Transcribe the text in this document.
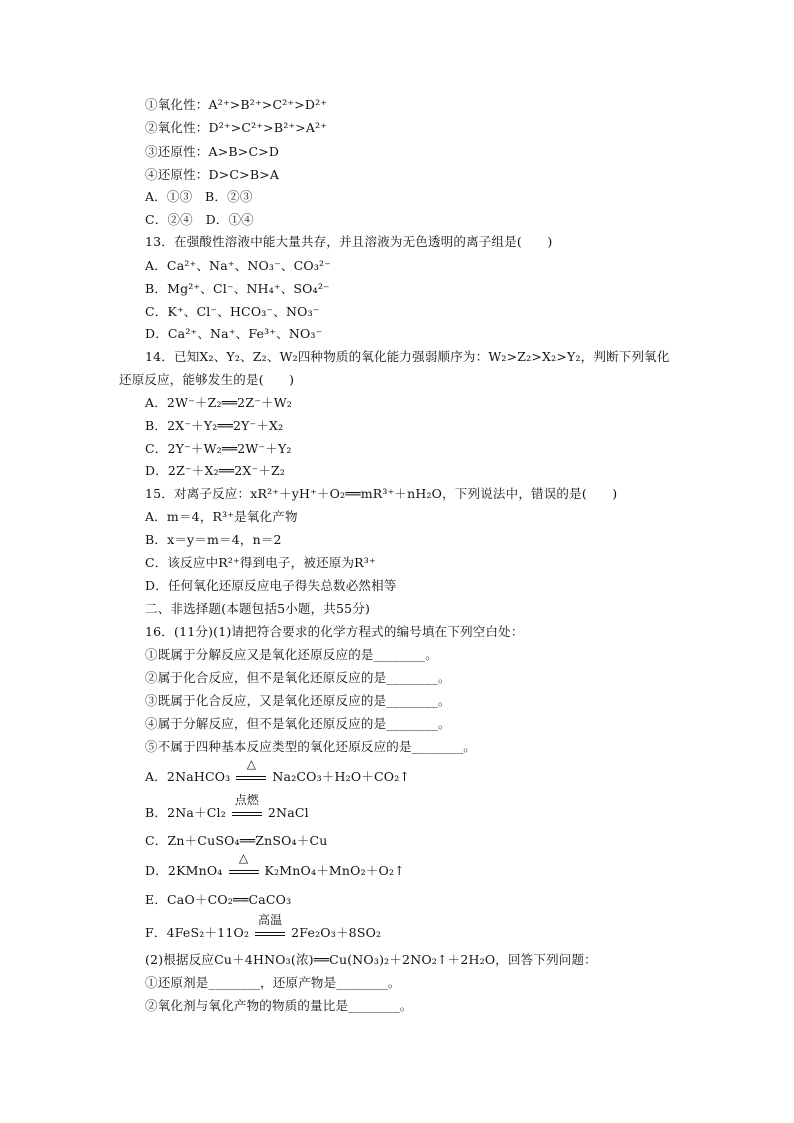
①氧化性：A²⁺>B²⁺>C²⁺>D²⁺
②氧化性：D²⁺>C²⁺>B²⁺>A²⁺
③还原性：A>B>C>D
④还原性：D>C>B>A
A．①③　B．②③
C．②④　D．①④
13．在强酸性溶液中能大量共存，并且溶液为无色透明的离子组是(　　)
A．Ca²⁺、Na⁺、NO₃⁻、CO₃²⁻
B．Mg²⁺、Cl⁻、NH₄⁺、SO₄²⁻
C．K⁺、Cl⁻、HCO₃⁻、NO₃⁻
D．Ca²⁺、Na⁺、Fe³⁺、NO₃⁻
14．已知X₂、Y₂、Z₂、W₂四种物质的氧化能力强弱顺序为：W₂>Z₂>X₂>Y₂，判断下列氧化
还原反应，能够发生的是(　　)
A．2W⁻＋Z₂══2Z⁻＋W₂
B．2X⁻＋Y₂══2Y⁻＋X₂
C．2Y⁻＋W₂══2W⁻＋Y₂
D．2Z⁻＋X₂══2X⁻＋Z₂
15．对离子反应：xR²⁺＋yH⁺＋O₂══mR³⁺＋nH₂O，下列说法中，错误的是(　　)
A．m＝4，R³⁺是氧化产物
B．x＝y＝m＝4，n＝2
C．该反应中R²⁺得到电子，被还原为R³⁺
D．任何氧化还原反应电子得失总数必然相等
二、非选择题(本题包括5小题，共55分)
16．(11分)(1)请把符合要求的化学方程式的编号填在下列空白处：
①既属于分解反应又是氧化还原反应的是________。
②属于化合反应，但不是氧化还原反应的是________。
③既属于化合反应，又是氧化还原反应的是________。
④属于分解反应，但不是氧化还原反应的是________。
⑤不属于四种基本反应类型的氧化还原反应的是________。
A．2NaHCO₃
△
Na₂CO₃＋H₂O＋CO₂↑
B．2Na＋Cl₂
点燃
2NaCl
C．Zn＋CuSO₄══ZnSO₄＋Cu
D．2KMnO₄
△
K₂MnO₄＋MnO₂＋O₂↑
E．CaO＋CO₂══CaCO₃
F．4FeS₂＋11O₂
高温
2Fe₂O₃＋8SO₂
(2)根据反应Cu＋4HNO₃(浓)══Cu(NO₃)₂＋2NO₂↑＋2H₂O，回答下列问题：
①还原剂是________，还原产物是________。
②氧化剂与氧化产物的物质的量比是________。
